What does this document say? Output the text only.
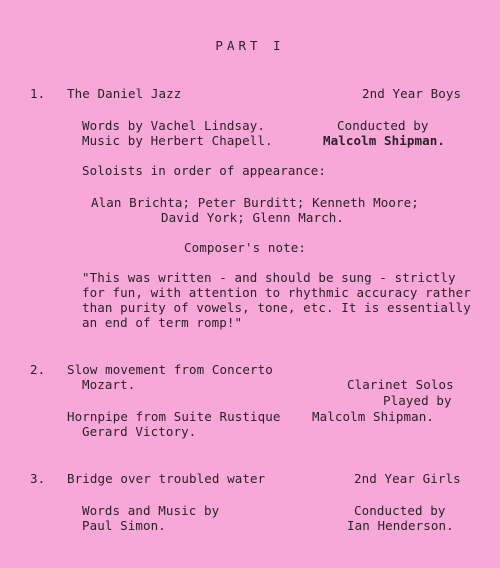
PART I
1. The Daniel Jazz	2nd Year Boys
Words by Vachel Lindsay.
Music by Herbert Chapell.
Conducted by
Malcolm Shipman.
Soloists in order of appearance:
Alan Brichta; Peter Burditt; Kenneth Moore;
David York; Glenn March.
Composer's note:
"This was written - and should be sung - strictly
for fun, with attention to rhythmic accuracy rather
than purity of vowels, tone, etc. It is essentially
an end of term romp!"
2. Slow movement from Concerto
Mozart.	Clarinet Solos
Played by
Hornpipe from Suite Rustique	Malcolm Shipman.
Gerard Victory.
3. Bridge over troubled water	2nd Year Girls
Words and Music by
Paul Simon.
Conducted by
Ian Henderson.
